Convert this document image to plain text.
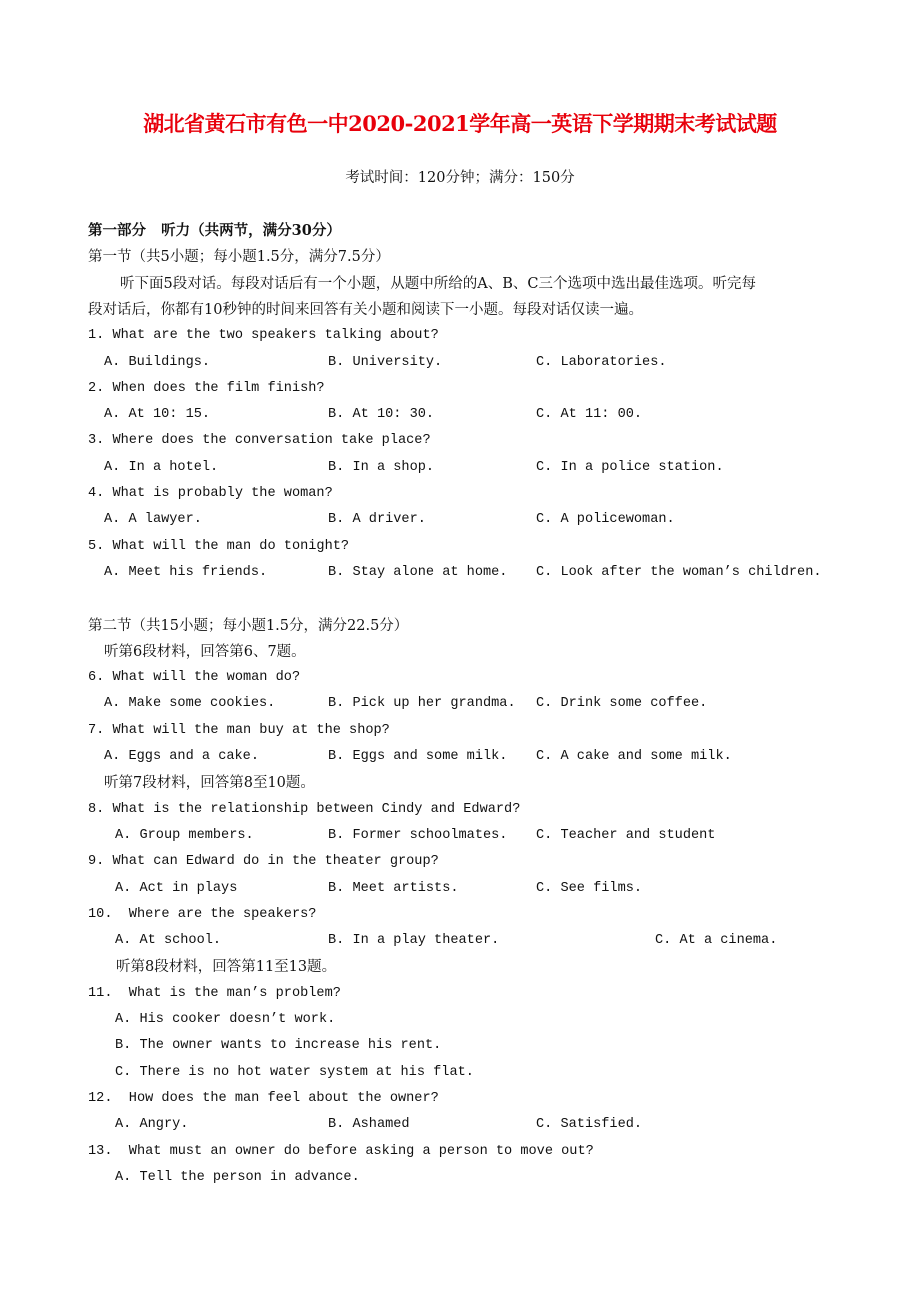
湖北省黄石市有色一中2020-2021学年高一英语下学期期末考试试题
考试时间：120分钟；满分：150分
第一部分   听力（共两节，满分30分）
第一节（共5小题；每小题1.5分，满分7.5分）
听下面5段对话。每段对话后有一个小题，从题中所给的A、B、C三个选项中选出最佳选项。听完每
段对话后，你都有10秒钟的时间来回答有关小题和阅读下一小题。每段对话仅读一遍。
1. What are the two speakers talking about?
A. Buildings.	B. University.	C. Laboratories.
2. When does the film finish?
A. At 10: 15.	B. At 10: 30.	C. At 11: 00.
3. Where does the conversation take place?
A. In a hotel.	B. In a shop.	C. In a police station.
4. What is probably the woman?
A. A lawyer.	B. A driver.	C. A policewoman.
5. What will the man do tonight?
A. Meet his friends.	B. Stay alone at home. C. Look after the woman’s children.
第二节（共15小题；每小题1.5分，满分22.5分）
听第6段材料，回答第6、7题。
6. What will the woman do?
A. Make some cookies.	B. Pick up her grandma. C. Drink some coffee.
7. What will the man buy at the shop?
A. Eggs and a cake.	B. Eggs and some milk. C. A cake and some milk.
听第7段材料，回答第8至10题。
8. What is the relationship between Cindy and Edward?
A. Group members.	B. Former schoolmates. C. Teacher and student
9. What can Edward do in the theater group?
A. Act in plays	B. Meet artists.	C. See films.
10.  Where are the speakers?
A. At school.	B. In a play theater.	C. At a cinema.
听第8段材料，回答第11至13题。
11.  What is the man’s problem?
A. His cooker doesn’t work.
B. The owner wants to increase his rent.
C. There is no hot water system at his flat.
12.  How does the man feel about the owner?
A. Angry.	B. Ashamed	C. Satisfied.
13.  What must an owner do before asking a person to move out?
A. Tell the person in advance.
